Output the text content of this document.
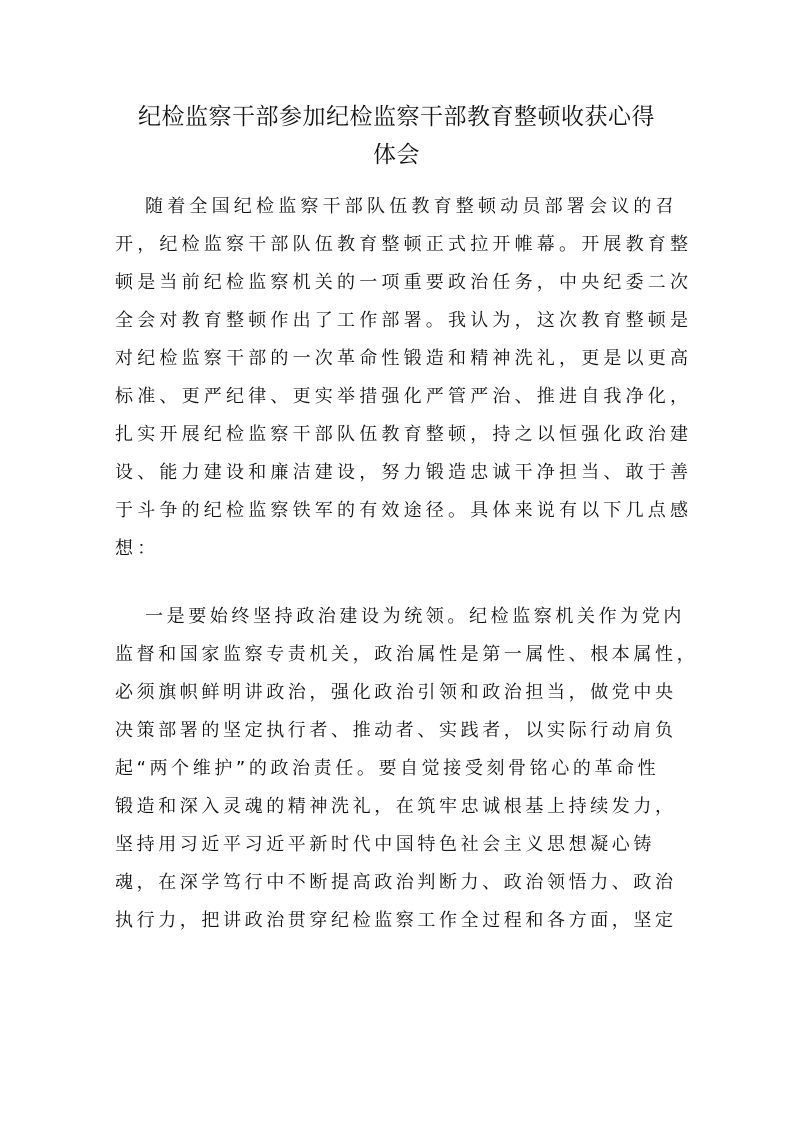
纪检监察干部参加纪检监察干部教育整顿收获心得
体会
随着全国纪检监察干部队伍教育整顿动员部署会议的召
开，纪检监察干部队伍教育整顿正式拉开帷幕。开展教育整
顿是当前纪检监察机关的一项重要政治任务，中央纪委二次
全会对教育整顿作出了工作部署。我认为，这次教育整顿是
对纪检监察干部的一次革命性锻造和精神洗礼，更是以更高
标准、更严纪律、更实举措强化严管严治、推进自我净化，
扎实开展纪检监察干部队伍教育整顿，持之以恒强化政治建
设、能力建设和廉洁建设，努力锻造忠诚干净担当、敢于善
于斗争的纪检监察铁军的有效途径。具体来说有以下几点感
想：
一是要始终坚持政治建设为统领。纪检监察机关作为党内
监督和国家监察专责机关，政治属性是第一属性、根本属性，
必须旗帜鲜明讲政治，强化政治引领和政治担当，做党中央
决策部署的坚定执行者、推动者、实践者，以实际行动肩负
起“两个维护”的政治责任。要自觉接受刻骨铭心的革命性
锻造和深入灵魂的精神洗礼，在筑牢忠诚根基上持续发力，
坚持用习近平习近平新时代中国特色社会主义思想凝心铸
魂，在深学笃行中不断提高政治判断力、政治领悟力、政治
执行力，把讲政治贯穿纪检监察工作全过程和各方面，坚定
